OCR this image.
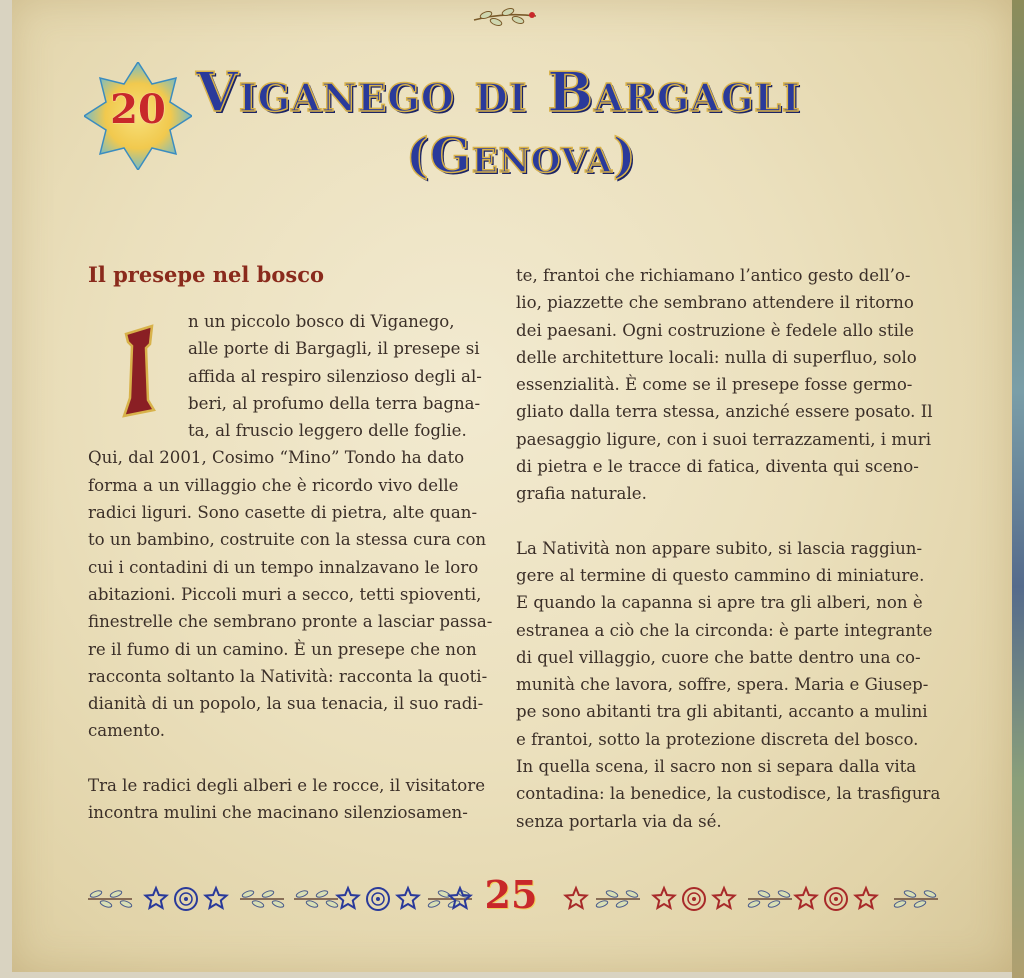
20 Viganego di Bargagli
(Genova)
Il presepe nel bosco
n un piccolo bosco di Viganego,
alle porte di Bargagli, il presepe si
affida al respiro silenzioso degli al-
beri, al profumo della terra bagna-
ta, al fruscio leggero delle foglie.
Qui, dal 2001, Cosimo “Mino” Tondo ha dato
forma a un villaggio che è ricordo vivo delle
radici liguri. Sono casette di pietra, alte quan-
to un bambino, costruite con la stessa cura con
cui i contadini di un tempo innalzavano le loro
abitazioni. Piccoli muri a secco, tetti spioventi,
finestrelle che sembrano pronte a lasciar passa-
re il fumo di un camino. È un presepe che non
racconta soltanto la Natività: racconta la quoti-
dianità di un popolo, la sua tenacia, il suo radi-
camento.
Tra le radici degli alberi e le rocce, il visitatore
incontra mulini che macinano silenziosamen-
te, frantoi che richiamano l’antico gesto dell’o-
lio, piazzette che sembrano attendere il ritorno
dei paesani. Ogni costruzione è fedele allo stile
delle architetture locali: nulla di superfluo, solo
essenzialità. È come se il presepe fosse germo-
gliato dalla terra stessa, anziché essere posato. Il
paesaggio ligure, con i suoi terrazzamenti, i muri
di pietra e le tracce di fatica, diventa qui sceno-
grafia naturale.
La Natività non appare subito, si lascia raggiun-
gere al termine di questo cammino di miniature.
E quando la capanna si apre tra gli alberi, non è
estranea a ciò che la circonda: è parte integrante
di quel villaggio, cuore che batte dentro una co-
munità che lavora, soffre, spera. Maria e Giusep-
pe sono abitanti tra gli abitanti, accanto a mulini
e frantoi, sotto la protezione discreta del bosco.
In quella scena, il sacro non si separa dalla vita
contadina: la benedice, la custodisce, la trasfigura
senza portarla via da sé.
25
